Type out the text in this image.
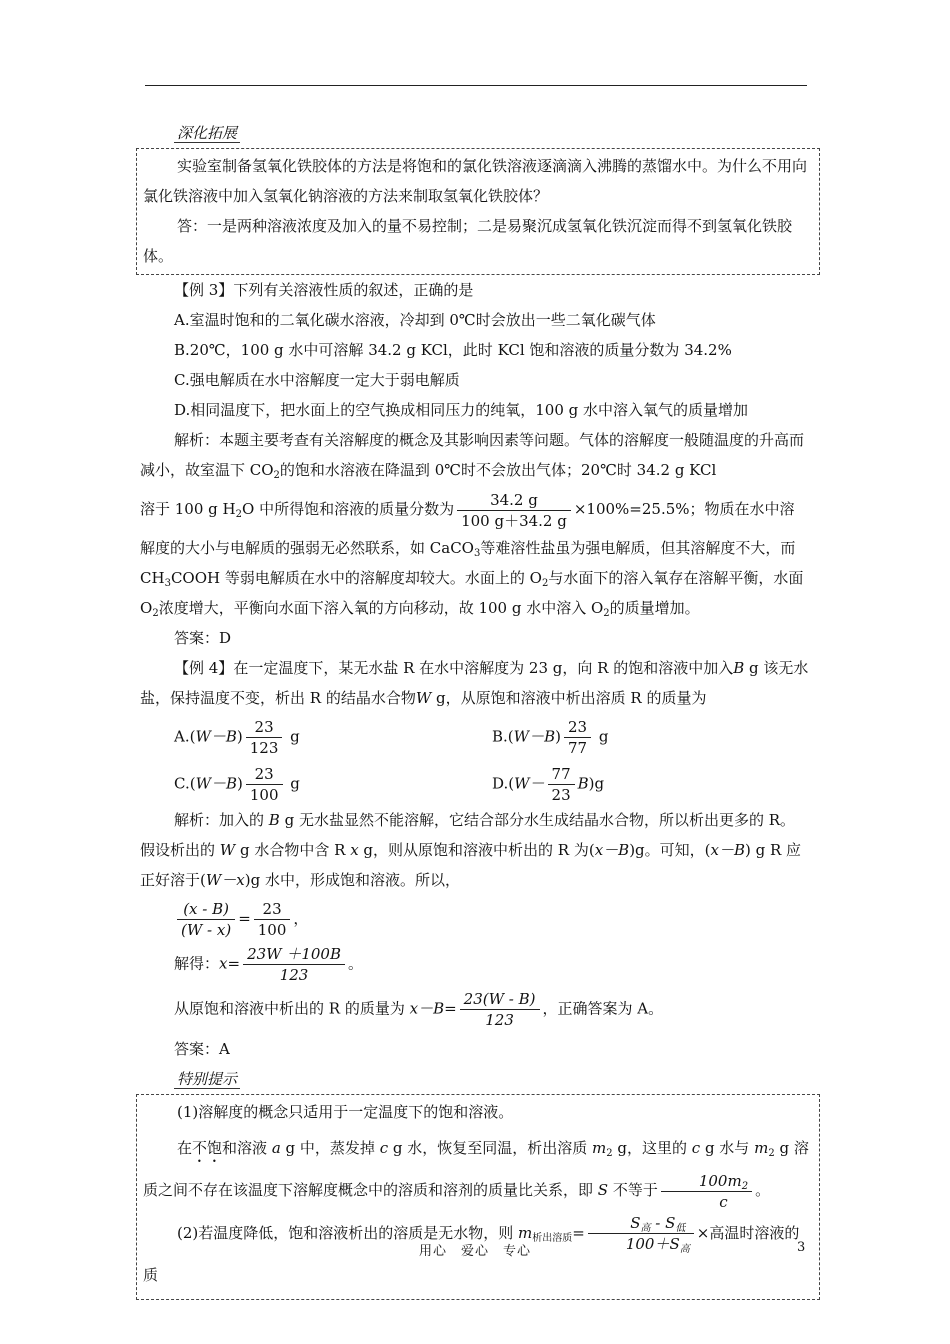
深化拓展

实验室制备氢氧化铁胶体的方法是将饱和的氯化铁溶液逐滴滴入沸腾的蒸馏水中。为什么不用向氯化铁溶液中加入氢氧化钠溶液的方法来制取氢氧化铁胶体？

答：一是两种溶液浓度及加入的量不易控制；二是易聚沉成氢氧化铁沉淀而得不到氢氧化铁胶体。

【例 3】下列有关溶液性质的叙述，正确的是

A.室温时饱和的二氧化碳水溶液，冷却到 0℃时会放出一些二氧化碳气体

B.20℃，100 g 水中可溶解 34.2 g KCl，此时 KCl 饱和溶液的质量分数为 34.2%

C.强电解质在水中溶解度一定大于弱电解质

D.相同温度下，把水面上的空气换成相同压力的纯氧，100 g 水中溶入氧气的质量增加

解析：本题主要考查有关溶解度的概念及其影响因素等问题。气体的溶解度一般随温度的升高而减小，故室温下 $CO_2$的饱和水溶液在降温到 0℃时不会放出气体；20℃时 34.2 g KCl

溶于 100 g $H_2O$ 中所得饱和溶液的质量分数为 $\frac{34.2 g}{100 g+34.2 g} \times 100\%=25.5\%$；物质在水中溶

解度的大小与电解质的强弱无必然联系，如 CaCO$_3$等难溶性盐虽为强电解质，但其溶解度不大，而 $CH_3COOH$ 等弱电解质在水中的溶解度却较大。水面上的 $O_2$与水面下的溶入氧存在溶解平衡，水面 $O_2$浓度增大，平衡向水面下溶入氧的方向移动，故 100 g 水中溶入 $O_2$的质量增加。

答案：D

【例 4】在一定温度下，某无水盐 R 在水中溶解度为 23 g，向 R 的饱和溶液中加入B g 该无水盐，保持温度不变，析出 R 的结晶水合物W g，从原饱和溶液中析出溶质 R 的质量为

$A.(W-B) \frac{23}{123}$ g	$B.(W-B) \frac{23}{77}$ g
$C.(W-B) \frac{23}{100}$ g	$D.(W- \frac{77}{23} B)g$

解析：加入的 B g 无水盐显然不能溶解，它结合部分水生成结晶水合物，所以析出更多的 R。假设析出的 W g 水合物中含 R x g，则从原饱和溶液中析出的 R 为(x－B)g。可知，(x－B) g R 应正好溶于(W－x)g 水中，形成饱和溶液。所以，

$\frac{(x - B)}{(W - x)} = \frac{23}{100}$ ，
解得：$x= \frac{23W +100B}{123}$ 。
从原饱和溶液中析出的 R 的质量为 $x-B= \frac{23(W - B)}{123}$ ，正确答案为 A。

答案：A

特别提示

(1)溶解度的概念只适用于一定温度下的饱和溶液。

在不饱和溶液 a g 中，蒸发掉 c g 水，恢复至同温，析出溶质 $m_2$ g，这里的 c g 水与 $m_2$ g 溶质之间不存在该温度下溶解度概念中的溶质和溶剂的质量比关系，即 S 不等于 $\frac{100m_2}{c}$ 。

(2)若温度降低，饱和溶液析出的溶质是无水物，则 $m_{析出溶质}= \frac{S_高 - S_低}{100+S_高}$ ×高温时溶液的质

用心　爱心　专心	3
